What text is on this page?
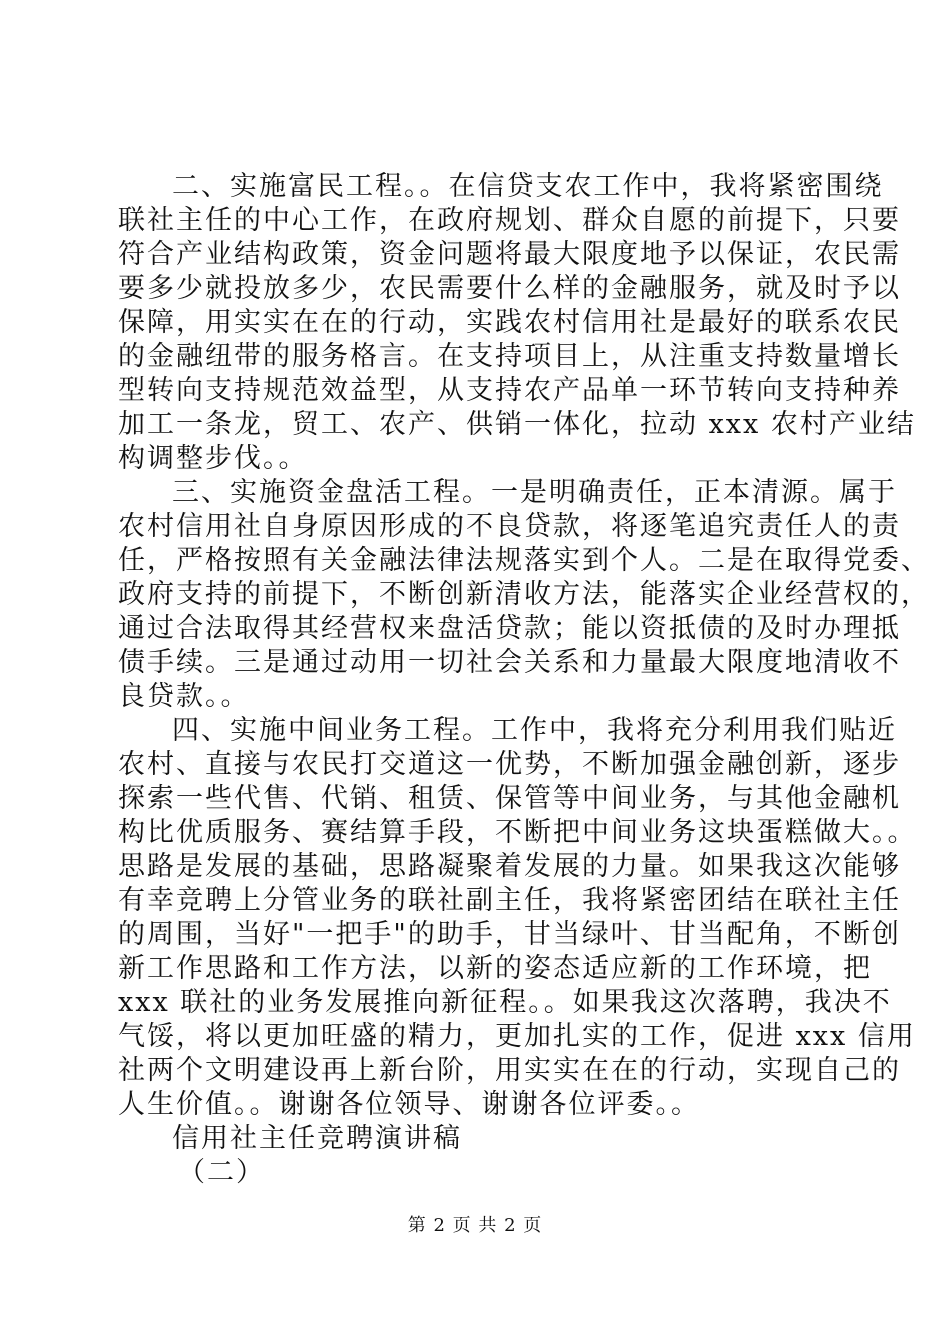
二、实施富民工程。。在信贷支农工作中，我将紧密围绕
联社主任的中心工作，在政府规划、群众自愿的前提下，只要
符合产业结构政策，资金问题将最大限度地予以保证，农民需
要多少就投放多少，农民需要什么样的金融服务，就及时予以
保障，用实实在在的行动，实践农村信用社是最好的联系农民
的金融纽带的服务格言。在支持项目上，从注重支持数量增长
型转向支持规范效益型，从支持农产品单一环节转向支持种养
加工一条龙，贸工、农产、供销一体化，拉动 xxx 农村产业结
构调整步伐。。

三、实施资金盘活工程。一是明确责任，正本清源。属于
农村信用社自身原因形成的不良贷款，将逐笔追究责任人的责
任，严格按照有关金融法律法规落实到个人。二是在取得党委、
政府支持的前提下，不断创新清收方法，能落实企业经营权的，
通过合法取得其经营权来盘活贷款；能以资抵债的及时办理抵
债手续。三是通过动用一切社会关系和力量最大限度地清收不
良贷款。。

四、实施中间业务工程。工作中，我将充分利用我们贴近
农村、直接与农民打交道这一优势，不断加强金融创新，逐步
探索一些代售、代销、租赁、保管等中间业务，与其他金融机
构比优质服务、赛结算手段，不断把中间业务这块蛋糕做大。。
思路是发展的基础，思路凝聚着发展的力量。如果我这次能够
有幸竞聘上分管业务的联社副主任，我将紧密团结在联社主任
的周围，当好"一把手"的助手，甘当绿叶、甘当配角，不断创
新工作思路和工作方法，以新的姿态适应新的工作环境，把
xxx 联社的业务发展推向新征程。。如果我这次落聘，我决不
气馁，将以更加旺盛的精力，更加扎实的工作，促进 xxx 信用
社两个文明建设再上新台阶，用实实在在的行动，实现自己的
人生价值。。谢谢各位领导、谢谢各位评委。。

信用社主任竞聘演讲稿

（二）

第 2 页 共 2 页
